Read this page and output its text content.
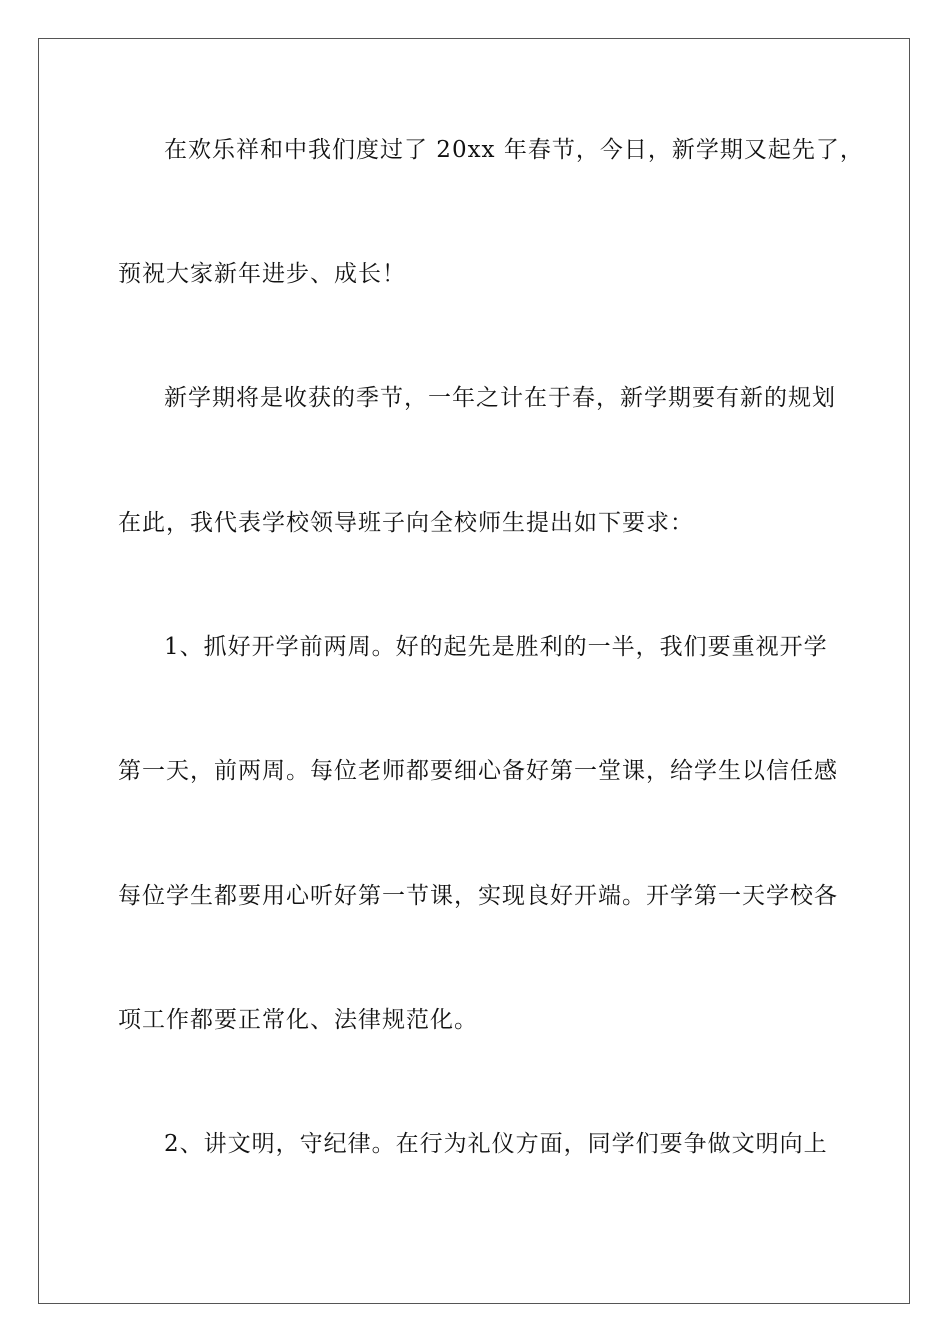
在欢乐祥和中我们度过了 20xx 年春节，今日，新学期又起先了，
预祝大家新年进步、成长！
新学期将是收获的季节，一年之计在于春，新学期要有新的规划
在此，我代表学校领导班子向全校师生提出如下要求：
1、抓好开学前两周。好的起先是胜利的一半，我们要重视开学
第一天，前两周。每位老师都要细心备好第一堂课，给学生以信任感
每位学生都要用心听好第一节课，实现良好开端。开学第一天学校各
项工作都要正常化、法律规范化。
2、讲文明，守纪律。在行为礼仪方面，同学们要争做文明向上
